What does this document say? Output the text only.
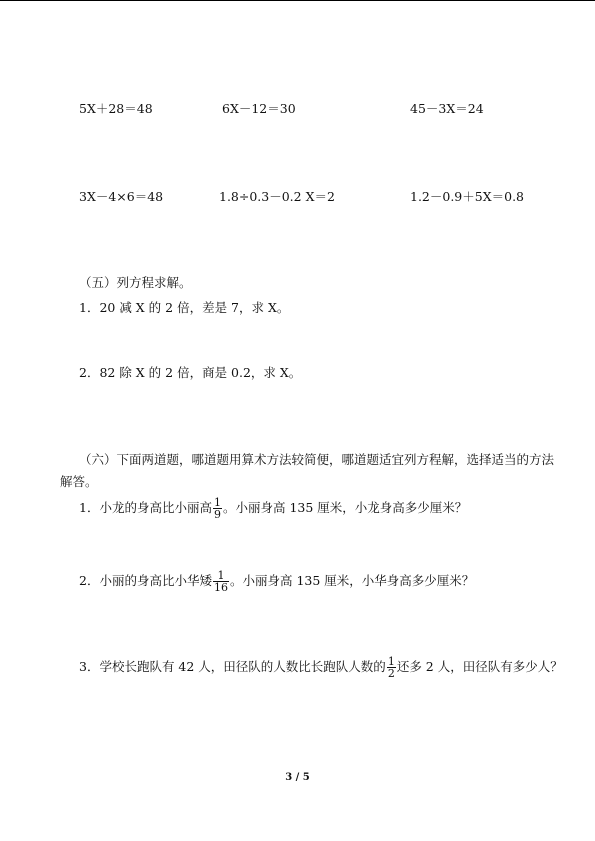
5X＋28＝48	6X－12＝30	45－3X＝24
3X－4×6＝48	1.8÷0.3－0.2 X＝2	1.2－0.9＋5X＝0.8
（五）列方程求解。
1．20 减 X 的 2 倍，差是 7，求 X。
2．82 除 X 的 2 倍，商是 0.2，求 X。
（六）下面两道题，哪道题用算术方法较简便，哪道题适宜列方程解，选择适当的方法
解答。
1．小龙的身高比小丽高 $\frac{1}{9}$ 。小丽身高 135 厘米，小龙身高多少厘米？
2．小丽的身高比小华矮 $\frac{1}{16}$ 。小丽身高 135 厘米，小华身高多少厘米？
3．学校长跑队有 42 人，田径队的人数比长跑队人数的 $\frac{1}{2}$ 还多 2 人，田径队有多少人？
3 / 5
